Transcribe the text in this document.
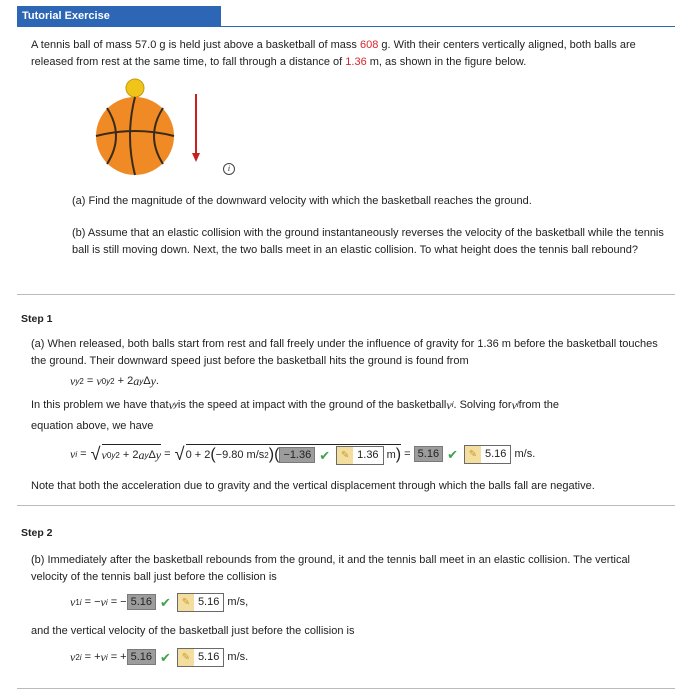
Tutorial Exercise
A tennis ball of mass 57.0 g is held just above a basketball of mass 608 g. With their centers vertically aligned, both balls are released from rest at the same time, to fall through a distance of 1.36 m, as shown in the figure below.
i
(a) Find the magnitude of the downward velocity with which the basketball reaches the ground.
(b) Assume that an elastic collision with the ground instantaneously reverses the velocity of the basketball while the tennis ball is still moving down. Next, the two balls meet in an elastic collision. To what height does the tennis ball rebound?
Step 1
(a) When released, both balls start from rest and fall freely under the influence of gravity for 1.36 m before the basketball touches the ground. Their downward speed just before the basketball hits the ground is found from
v y 2 = v 0y 2 + 2 a y Δ y .
In this problem we have that v y is the speed at impact with the ground of the basketball v i . Solving for v i from the
equation above, we have
v i = √ v 0y 2 + 2 a y Δ y = √ 0 + 2 ( −9.80 m/s 2 )( −1.36 ✔	✎ 1.36
m ) = 5.16 ✔	✎ 5.16
m/s.
Note that both the acceleration due to gravity and the vertical displacement through which the balls fall are negative.
Step 2
(b) Immediately after the basketball rebounds from the ground, it and the tennis ball meet in an elastic collision. The vertical velocity of the tennis ball just before the collision is
v 1i = − v i = − 5.16 ✔	✎ 5.16
m/s,
and the vertical velocity of the basketball just before the collision is
v 2i = + v i = + 5.16 ✔	✎ 5.16
m/s.
